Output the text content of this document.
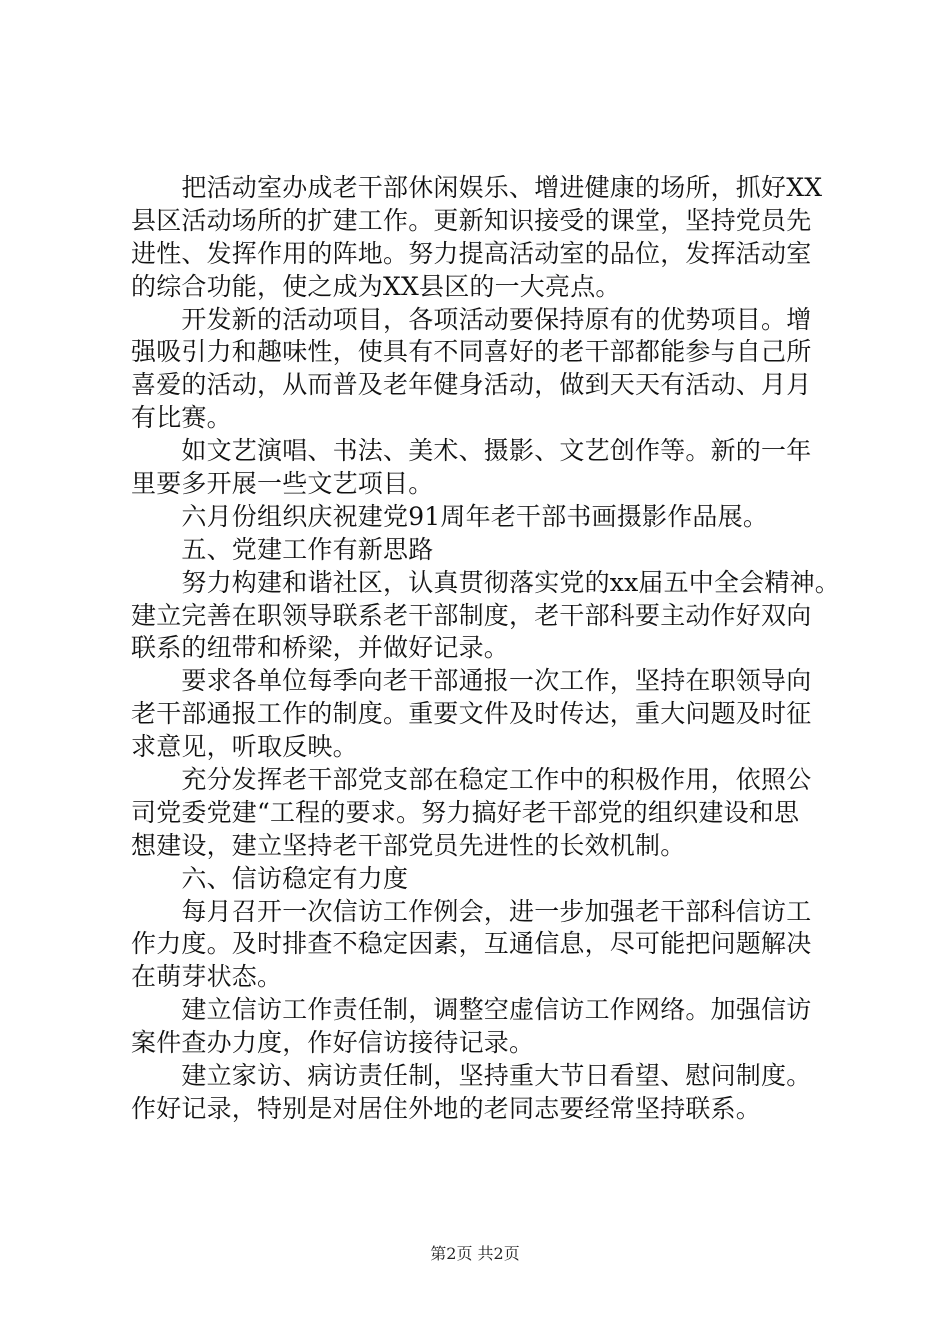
　　把活动室办成老干部休闲娱乐、增进健康的场所，抓好XX
县区活动场所的扩建工作。更新知识接受的课堂，坚持党员先
进性、发挥作用的阵地。努力提高活动室的品位，发挥活动室
的综合功能，使之成为XX县区的一大亮点。
　　开发新的活动项目，各项活动要保持原有的优势项目。增
强吸引力和趣味性，使具有不同喜好的老干部都能参与自己所
喜爱的活动，从而普及老年健身活动，做到天天有活动、月月
有比赛。
　　如文艺演唱、书法、美术、摄影、文艺创作等。新的一年
里要多开展一些文艺项目。
　　六月份组织庆祝建党91周年老干部书画摄影作品展。
　　五、党建工作有新思路
　　努力构建和谐社区，认真贯彻落实党的xx届五中全会精神。
建立完善在职领导联系老干部制度，老干部科要主动作好双向
联系的纽带和桥梁，并做好记录。
　　要求各单位每季向老干部通报一次工作，坚持在职领导向
老干部通报工作的制度。重要文件及时传达，重大问题及时征
求意见，听取反映。
　　充分发挥老干部党支部在稳定工作中的积极作用，依照公
司党委党建“工程的要求。努力搞好老干部党的组织建设和思
想建设，建立坚持老干部党员先进性的长效机制。
　　六、信访稳定有力度
　　每月召开一次信访工作例会，进一步加强老干部科信访工
作力度。及时排查不稳定因素，互通信息，尽可能把问题解决
在萌芽状态。
　　建立信访工作责任制，调整空虚信访工作网络。加强信访
案件查办力度，作好信访接待记录。
　　建立家访、病访责任制，坚持重大节日看望、慰问制度。
作好记录，特别是对居住外地的老同志要经常坚持联系。
第2页 共2页
